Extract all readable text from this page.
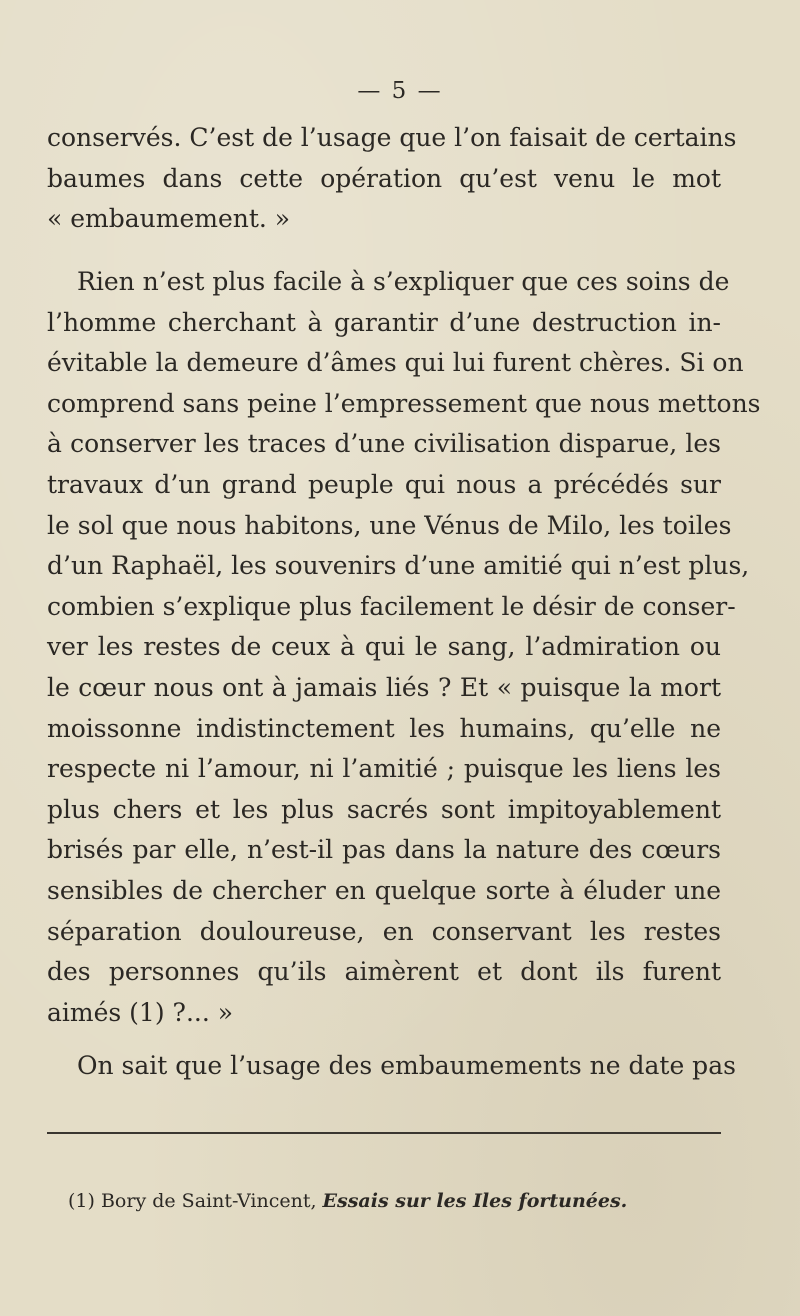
— 5 —
conservés. C’est de l’usage que l’on faisait de certains
baumes dans cette opération qu’est venu le mot
« embaumement. »
Rien n’est plus facile à s’expliquer que ces soins de
l’homme cherchant à garantir d’une destruction in-
évitable la demeure d’âmes qui lui furent chères. Si on
comprend sans peine l’empressement que nous mettons
à conserver les traces d’une civilisation disparue, les
travaux d’un grand peuple qui nous a précédés sur
le sol que nous habitons, une Vénus de Milo, les toiles
d’un Raphaël, les souvenirs d’une amitié qui n’est plus,
combien s’explique plus facilement le désir de conser-
ver les restes de ceux à qui le sang, l’admiration ou
le cœur nous ont à jamais liés ? Et « puisque la mort
moissonne indistinctement les humains, qu’elle ne
respecte ni l’amour, ni l’amitié ; puisque les liens les
plus chers et les plus sacrés sont impitoyablement
brisés par elle, n’est-il pas dans la nature des cœurs
sensibles de chercher en quelque sorte à éluder une
séparation douloureuse, en conservant les restes
des personnes qu’ils aimèrent et dont ils furent
aimés (1) ?... »
On sait que l’usage des embaumements ne date pas
(1) Bory de Saint-Vincent, Essais sur les Iles fortunées.
